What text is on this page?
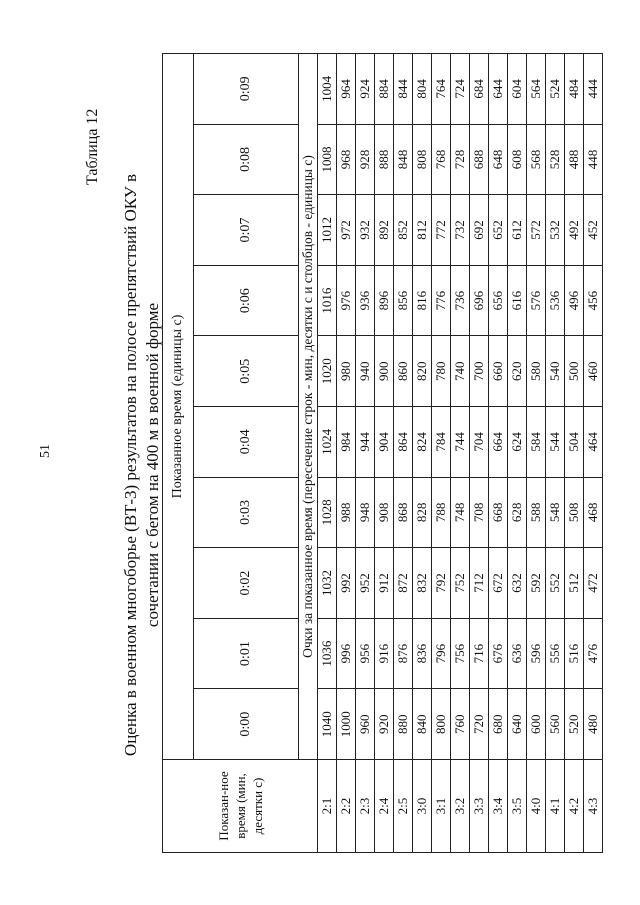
51
Таблица 12
Оценка в военном многоборье (ВТ-3) результатов на полосе препятствий ОКУ в сочетании с бегом на 400 м в военной форме
Показан-ное время (мин, десятки с)	Показанное время (единицы с)									
	0:00	0:01	0:02	0:03	0:04	0:05	0:06	0:07	0:08	0:09
	Очки за показанное время (пересечение строк - мин, десятки с и столбцов - единицы с)									
2:1	1040	1036	1032	1028	1024	1020	1016	1012	1008	1004
2:2	1000	996	992	988	984	980	976	972	968	964
2:3	960	956	952	948	944	940	936	932	928	924
2:4	920	916	912	908	904	900	896	892	888	884
2:5	880	876	872	868	864	860	856	852	848	844
3:0	840	836	832	828	824	820	816	812	808	804
3:1	800	796	792	788	784	780	776	772	768	764
3:2	760	756	752	748	744	740	736	732	728	724
3:3	720	716	712	708	704	700	696	692	688	684
3:4	680	676	672	668	664	660	656	652	648	644
3:5	640	636	632	628	624	620	616	612	608	604
4:0	600	596	592	588	584	580	576	572	568	564
4:1	560	556	552	548	544	540	536	532	528	524
4:2	520	516	512	508	504	500	496	492	488	484
4:3	480	476	472	468	464	460	456	452	448	444
